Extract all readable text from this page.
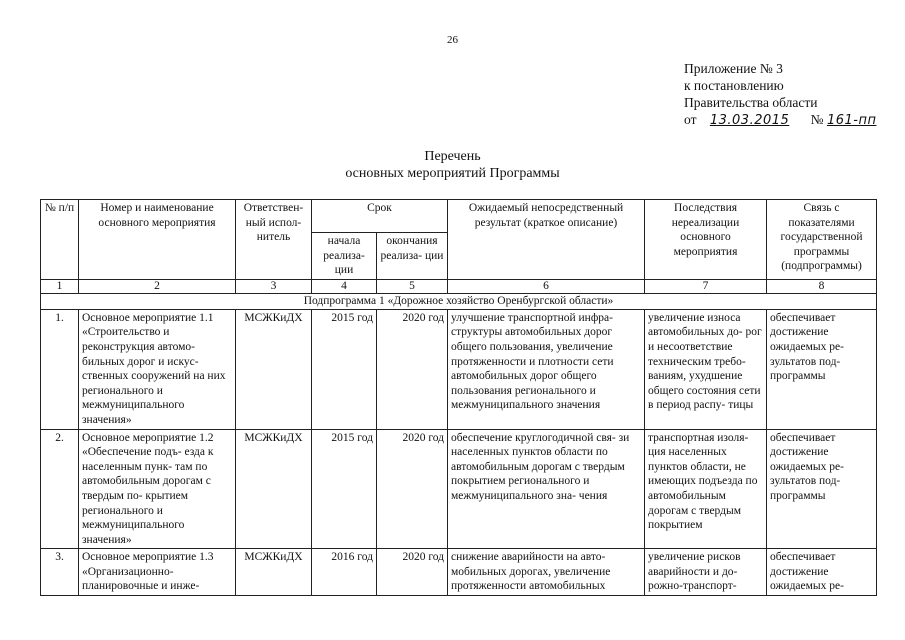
26
Приложение № 3
к постановлению
Правительства области
от 13.03.2015 № 161-пп
Перечень
основных мероприятий Программы
№ п/п	Номер и наименование основного мероприятия	Ответствен- ный испол- нитель	Срок		Ожидаемый непосредственный результат (краткое описание)	Последствия нереализации основного мероприятия	Связь с показателями государственной программы (подпрограммы)
			начала реализа- ции	окончания реализа- ции			
1	2	3	4	5	6	7	8
Подпрограмма 1 «Дорожное хозяйство Оренбургской области»							
1.	Основное мероприятие 1.1 «Строительство и реконструкция автомо- бильных дорог и искус- ственных сооружений на них регионального и межмуниципального значения»	МСЖКиДХ	2015 год	2020 год	улучшение транспортной инфра- структуры автомобильных дорог общего пользования, увеличение протяженности и плотности сети автомобильных дорог общего пользования регионального и межмуниципального значения	увеличение износа автомобильных до- рог и несоответствие техническим требо- ваниям, ухудшение общего состояния сети в период распу- тицы	обеспечивает достижение ожидаемых ре- зультатов под- программы
2.	Основное мероприятие 1.2 «Обеспечение подъ- езда к населенным пунк- там по автомобильным дорогам с твердым по- крытием регионального и межмуниципального значения»	МСЖКиДХ	2015 год	2020 год	обеспечение круглогодичной свя- зи населенных пунктов области по автомобильным дорогам с твердым покрытием регионального и межмуниципального зна- чения	транспортная изоля- ция населенных пунктов области, не имеющих подъезда по автомобильным дорогам с твердым покрытием	обеспечивает достижение ожидаемых ре- зультатов под- программы
3.	Основное мероприятие 1.3 «Организационно- планировочные и инже-	МСЖКиДХ	2016 год	2020 год	снижение аварийности на авто- мобильных дорогах, увеличение протяженности автомобильных	увеличение рисков аварийности и до- рожно-транспорт-	обеспечивает достижение ожидаемых ре-
